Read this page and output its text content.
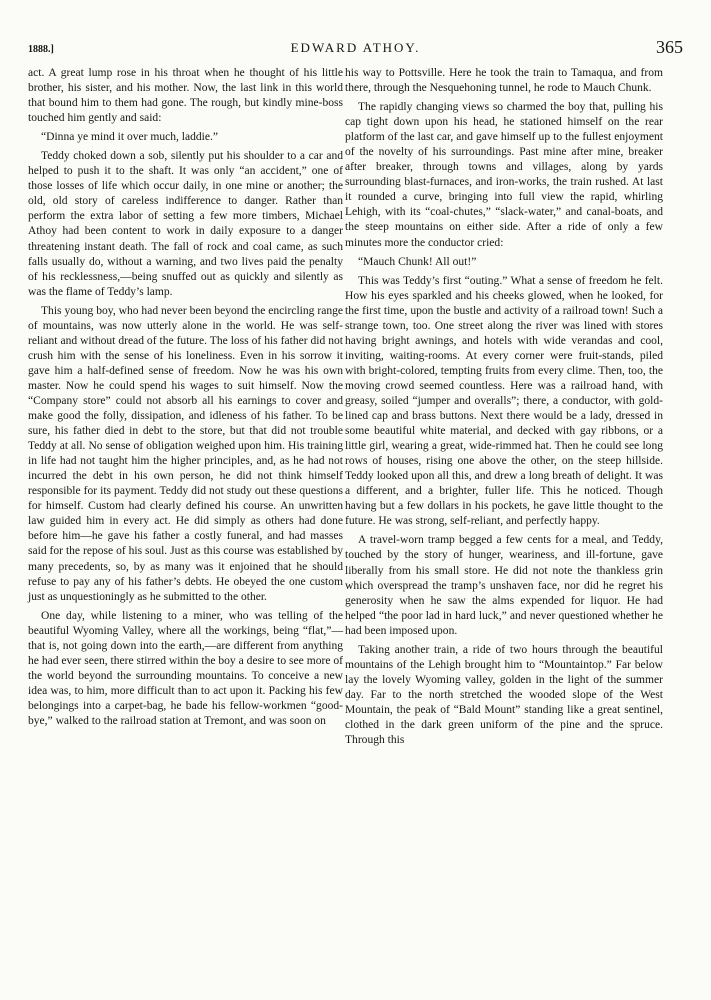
1888.]	EDWARD ATHOY.	365

act. A great lump rose in his throat when he thought of his little brother, his sister, and his mother. Now, the last link in this world that bound him to them had gone. The rough, but kindly mine-boss touched him gently and said:

“Dinna ye mind it over much, laddie.”

Teddy choked down a sob, silently put his shoulder to a car and helped to push it to the shaft. It was only “an accident,” one of those losses of life which occur daily, in one mine or another; the old, old story of careless indifference to danger. Rather than perform the extra labor of setting a few more timbers, Michael Athoy had been content to work in daily exposure to a danger threatening instant death. The fall of rock and coal came, as such falls usually do, without a warning, and two lives paid the penalty of his recklessness,—being snuffed out as quickly and silently as was the flame of Teddy’s lamp.

This young boy, who had never been beyond the encircling range of mountains, was now utterly alone in the world. He was self-reliant and without dread of the future. The loss of his father did not crush him with the sense of his loneliness. Even in his sorrow it gave him a half-defined sense of freedom. Now he was his own master. Now he could spend his wages to suit himself. Now the “Company store” could not absorb all his earnings to cover and make good the folly, dissipation, and idleness of his father. To be sure, his father died in debt to the store, but that did not trouble Teddy at all. No sense of obligation weighed upon him. His training in life had not taught him the higher principles, and, as he had not incurred the debt in his own person, he did not think himself responsible for its payment. Teddy did not study out these questions for himself. Custom had clearly defined his course. An unwritten law guided him in every act. He did simply as others had done before him—he gave his father a costly funeral, and had masses said for the repose of his soul. Just as this course was established by many precedents, so, by as many was it enjoined that he should refuse to pay any of his father’s debts. He obeyed the one custom just as unquestioningly as he submitted to the other.

One day, while listening to a miner, who was telling of the beautiful Wyoming Valley, where all the workings, being “flat,”— that is, not going down into the earth,—are different from anything he had ever seen, there stirred within the boy a desire to see more of the world beyond the surrounding mountains. To conceive a new idea was, to him, more difficult than to act upon it. Packing his few belongings into a carpet-bag, he bade his fellow-workmen “good-bye,” walked to the railroad station at Tremont, and was soon on

his way to Pottsville. Here he took the train to Tamaqua, and from there, through the Nesquehoning tunnel, he rode to Mauch Chunk.

The rapidly changing views so charmed the boy that, pulling his cap tight down upon his head, he stationed himself on the rear platform of the last car, and gave himself up to the fullest enjoyment of the novelty of his surroundings. Past mine after mine, breaker after breaker, through towns and villages, along by yards surrounding blast-furnaces, and iron-works, the train rushed. At last it rounded a curve, bringing into full view the rapid, whirling Lehigh, with its “coal-chutes,” “slack-water,” and canal-boats, and the steep mountains on either side. After a ride of only a few minutes more the conductor cried:

“Mauch Chunk! All out!”

This was Teddy’s first “outing.” What a sense of freedom he felt. How his eyes sparkled and his cheeks glowed, when he looked, for the first time, upon the bustle and activity of a railroad town! Such a strange town, too. One street along the river was lined with stores having bright awnings, and hotels with wide verandas and cool, inviting, waiting-rooms. At every corner were fruit-stands, piled with bright-colored, tempting fruits from every clime. Then, too, the moving crowd seemed countless. Here was a railroad hand, with greasy, soiled “jumper and overalls”; there, a conductor, with gold-lined cap and brass buttons. Next there would be a lady, dressed in some beautiful white material, and decked with gay ribbons, or a little girl, wearing a great, wide-rimmed hat. Then he could see long rows of houses, rising one above the other, on the steep hillside. Teddy looked upon all this, and drew a long breath of delight. It was a different, and a brighter, fuller life. This he noticed. Though having but a few dollars in his pockets, he gave little thought to the future. He was strong, self-reliant, and perfectly happy.

A travel-worn tramp begged a few cents for a meal, and Teddy, touched by the story of hunger, weariness, and ill-fortune, gave liberally from his small store. He did not note the thankless grin which overspread the tramp’s unshaven face, nor did he regret his generosity when he saw the alms expended for liquor. He had helped “the poor lad in hard luck,” and never questioned whether he had been imposed upon.

Taking another train, a ride of two hours through the beautiful mountains of the Lehigh brought him to “Mountaintop.” Far below lay the lovely Wyoming valley, golden in the light of the summer day. Far to the north stretched the wooded slope of the West Mountain, the peak of “Bald Mount” standing like a great sentinel, clothed in the dark green uniform of the pine and the spruce. Through this
